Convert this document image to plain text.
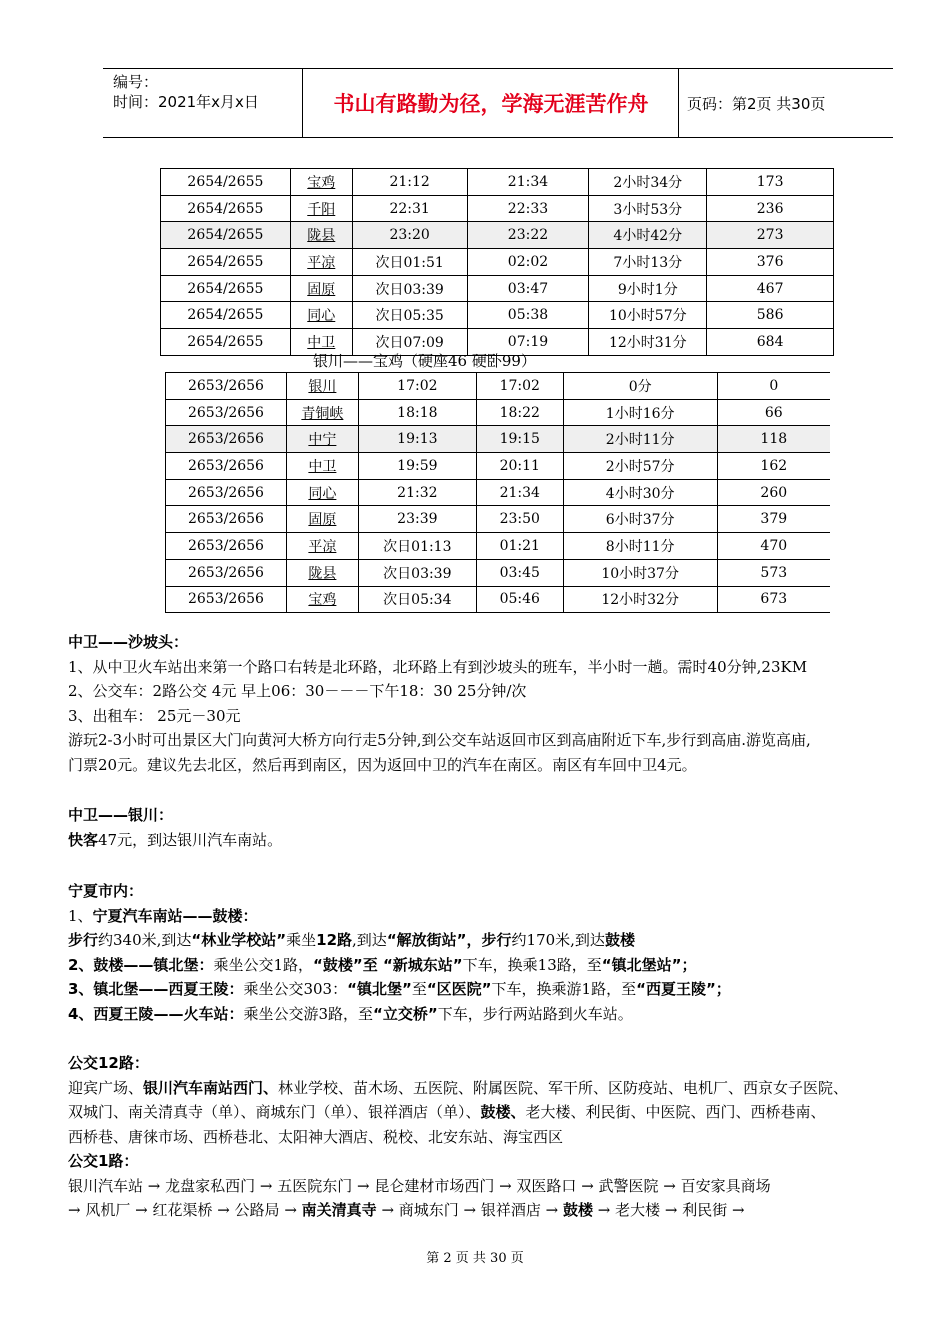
编号：
时间：2021年x月x日	书山有路勤为径，学海无涯苦作舟	页码：第2页 共30页
2654/2655	宝鸡	21:12	21:34	2小时34分	173
2654/2655	千阳	22:31	22:33	3小时53分	236
2654/2655	陇县	23:20	23:22	4小时42分	273
2654/2655	平凉	次日01:51	02:02	7小时13分	376
2654/2655	固原	次日03:39	03:47	9小时1分	467
2654/2655	同心	次日05:35	05:38	10小时57分	586
2654/2655	中卫	次日07:09	07:19	12小时31分	684
银川——宝鸡（硬座46 硬卧99）
2653/2656	银川	17:02	17:02	0分	0
2653/2656	青铜峡	18:18	18:22	1小时16分	66
2653/2656	中宁	19:13	19:15	2小时11分	118
2653/2656	中卫	19:59	20:11	2小时57分	162
2653/2656	同心	21:32	21:34	4小时30分	260
2653/2656	固原	23:39	23:50	6小时37分	379
2653/2656	平凉	次日01:13	01:21	8小时11分	470
2653/2656	陇县	次日03:39	03:45	10小时37分	573
2653/2656	宝鸡	次日05:34	05:46	12小时32分	673
中卫——沙坡头：
1、从中卫火车站出来第一个路口右转是北环路，北环路上有到沙坡头的班车，半小时一趟。需时40分钟,23KM
2、公交车：2路公交 4元 早上06：30－－－下午18：30 25分钟/次
3、出租车： 25元－30元
游玩2-3小时可出景区大门向黄河大桥方向行走5分钟,到公交车站返回市区到高庙附近下车,步行到高庙.游览高庙,
门票20元。建议先去北区，然后再到南区，因为返回中卫的汽车在南区。南区有车回中卫4元。
中卫——银川：
快客47元，到达银川汽车南站。
宁夏市内：
1、宁夏汽车南站——鼓楼：
步行约340米,到达“林业学校站”乘坐12路,到达“解放街站”，步行约170米,到达鼓楼
2、鼓楼——镇北堡：乘坐公交1路，“鼓楼”至 “新城东站”下车，换乘13路，至“镇北堡站”；
3、镇北堡——西夏王陵：乘坐公交303：“镇北堡”至“区医院”下车，换乘游1路，至“西夏王陵”；
4、西夏王陵——火车站：乘坐公交游3路，至“立交桥”下车，步行两站路到火车站。
公交12路：
迎宾广场、银川汽车南站西门、林业学校、苗木场、五医院、附属医院、军干所、区防疫站、电机厂、西京女子医院、
双城门、南关清真寺（单）、商城东门（单）、银祥酒店（单）、鼓楼、老大楼、利民街、中医院、西门、西桥巷南、
西桥巷、唐徕市场、西桥巷北、太阳神大酒店、税校、北安东站、海宝西区
公交1路：
银川汽车站 → 龙盘家私西门 → 五医院东门 → 昆仑建材市场西门 → 双医路口 → 武警医院 → 百安家具商场
→ 风机厂 → 红花渠桥 → 公路局 → 南关清真寺 → 商城东门 → 银祥酒店 → 鼓楼 → 老大楼 → 利民街 →
第 2 页 共 30 页
